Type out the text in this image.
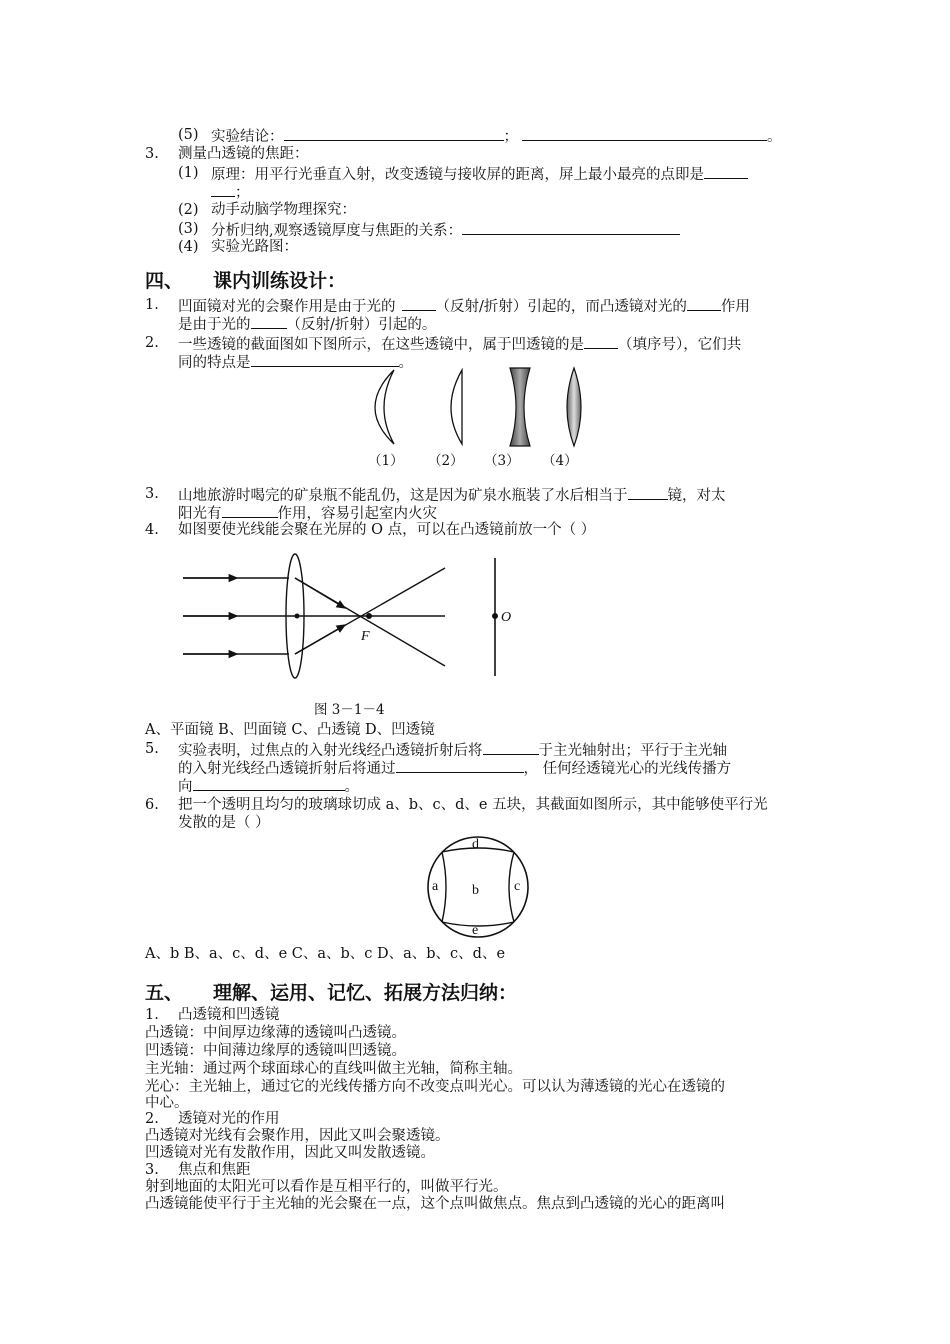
(5) 实验结论：	；	。
3. 测量凸透镜的焦距：
(1) 原理：用平行光垂直入射，改变透镜与接收屏的距离，屏上最小最亮的点即是
；
(2) 动手动脑学物理探究：
(3) 分析归纳,观察透镜厚度与焦距的关系：
(4) 实验光路图：
四、 课内训练设计：
1. 凹面镜对光的会聚作用是由于光的	（反射/折射）引起的，而凸透镜对光的 作用
是由于光的 （反射/折射）引起的。
2. 一些透镜的截面图如下图所示，在这些透镜中，属于凹透镜的是 （填序号），它们共
同的特点是	。
（1） （2） （3） （4）
3. 山地旅游时喝完的矿泉瓶不能乱仍，这是因为矿泉水瓶装了水后相当于	镜，对太
阳光有	作用，容易引起室内火灾
4. 如图要使光线能会聚在光屏的 O 点，可以在凸透镜前放一个（ ）
F
O
图 3－1－4
A、平面镜 B、凹面镜 C、凸透镜 D、凹透镜
5. 实验表明，过焦点的入射光线经凸透镜折射后将	于主光轴射出；平行于主光轴
的入射光线经凸透镜折射后将通过	， 任何经透镜光心的光线传播方
向	。
6. 把一个透明且均匀的玻璃球切成 a、b、c、d、e 五块，其截面如图所示，其中能够使平行光
发散的是（ ）
a b	c
d
e
A、b B、a、c、d、e C、a、b、c D、a、b、c、d、e
五、 理解、运用、记忆、拓展方法归纳：
1. 凸透镜和凹透镜
凸透镜：中间厚边缘薄的透镜叫凸透镜。
凹透镜：中间薄边缘厚的透镜叫凹透镜。
主光轴：通过两个球面球心的直线叫做主光轴，简称主轴。
光心：主光轴上，通过它的光线传播方向不改变点叫光心。可以认为薄透镜的光心在透镜的
中心。
2. 透镜对光的作用
凸透镜对光线有会聚作用，因此又叫会聚透镜。
凹透镜对光有发散作用，因此又叫发散透镜。
3. 焦点和焦距
射到地面的太阳光可以看作是互相平行的，叫做平行光。
凸透镜能使平行于主光轴的光会聚在一点，这个点叫做焦点。焦点到凸透镜的光心的距离叫
